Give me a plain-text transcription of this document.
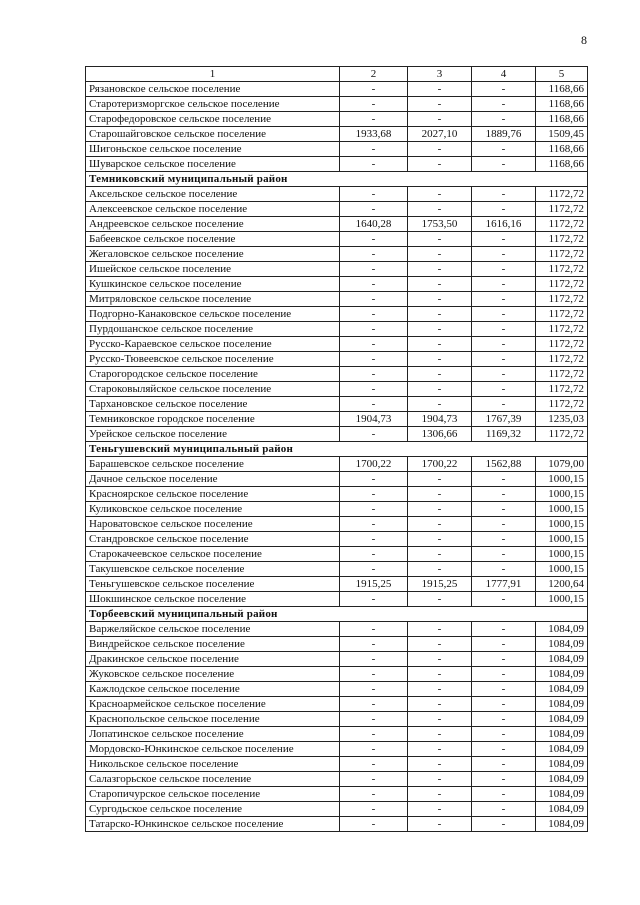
8
1	2	3	4	5
Рязановское сельское поселение	-	-	-	1168,66
Старотеризморгское сельское поселение	-	-	-	1168,66
Старофедоровское сельское поселение	-	-	-	1168,66
Старошайговское сельское поселение	1933,68	2027,10	1889,76	1509,45
Шигоньское сельское поселение	-	-	-	1168,66
Шуварское сельское поселение	-	-	-	1168,66
Темниковский муниципальный район				
Аксельское сельское поселение	-	-	-	1172,72
Алексеевское сельское поселение	-	-	-	1172,72
Андреевское сельское поселение	1640,28	1753,50	1616,16	1172,72
Бабеевское сельское поселение	-	-	-	1172,72
Жегаловское сельское поселение	-	-	-	1172,72
Ишейское сельское поселение	-	-	-	1172,72
Кушкинское сельское поселение	-	-	-	1172,72
Митряловское сельское поселение	-	-	-	1172,72
Подгорно-Канаковское сельское поселение	-	-	-	1172,72
Пурдошанское сельское поселение	-	-	-	1172,72
Русско-Караевское сельское поселение	-	-	-	1172,72
Русско-Тювеевское сельское поселение	-	-	-	1172,72
Старогородское сельское поселение	-	-	-	1172,72
Староковыляйское сельское поселение	-	-	-	1172,72
Тархановское сельское поселение	-	-	-	1172,72
Темниковское городское поселение	1904,73	1904,73	1767,39	1235,03
Урейское сельское поселение	-	1306,66	1169,32	1172,72
Теньгушевский муниципальный район				
Барашевское сельское поселение	1700,22	1700,22	1562,88	1079,00
Дачное сельское поселение	-	-	-	1000,15
Красноярское сельское поселение	-	-	-	1000,15
Куликовское сельское поселение	-	-	-	1000,15
Нароватовское сельское поселение	-	-	-	1000,15
Стандровское сельское поселение	-	-	-	1000,15
Старокачеевское сельское поселение	-	-	-	1000,15
Такушевское сельское поселение	-	-	-	1000,15
Теньгушевское сельское поселение	1915,25	1915,25	1777,91	1200,64
Шокшинское сельское поселение	-	-	-	1000,15
Торбеевский муниципальный район				
Варжеляйское сельское поселение	-	-	-	1084,09
Виндрейское сельское поселение	-	-	-	1084,09
Дракинское сельское поселение	-	-	-	1084,09
Жуковское сельское поселение	-	-	-	1084,09
Кажлодское сельское поселение	-	-	-	1084,09
Красноармейское сельское поселение	-	-	-	1084,09
Краснопольское сельское поселение	-	-	-	1084,09
Лопатинское сельское поселение	-	-	-	1084,09
Мордовско-Юнкинское сельское поселение	-	-	-	1084,09
Никольское сельское поселение	-	-	-	1084,09
Салазгорьское сельское поселение	-	-	-	1084,09
Старопичурское сельское поселение	-	-	-	1084,09
Сургодьское сельское поселение	-	-	-	1084,09
Татарско-Юнкинское сельское поселение	-	-	-	1084,09
